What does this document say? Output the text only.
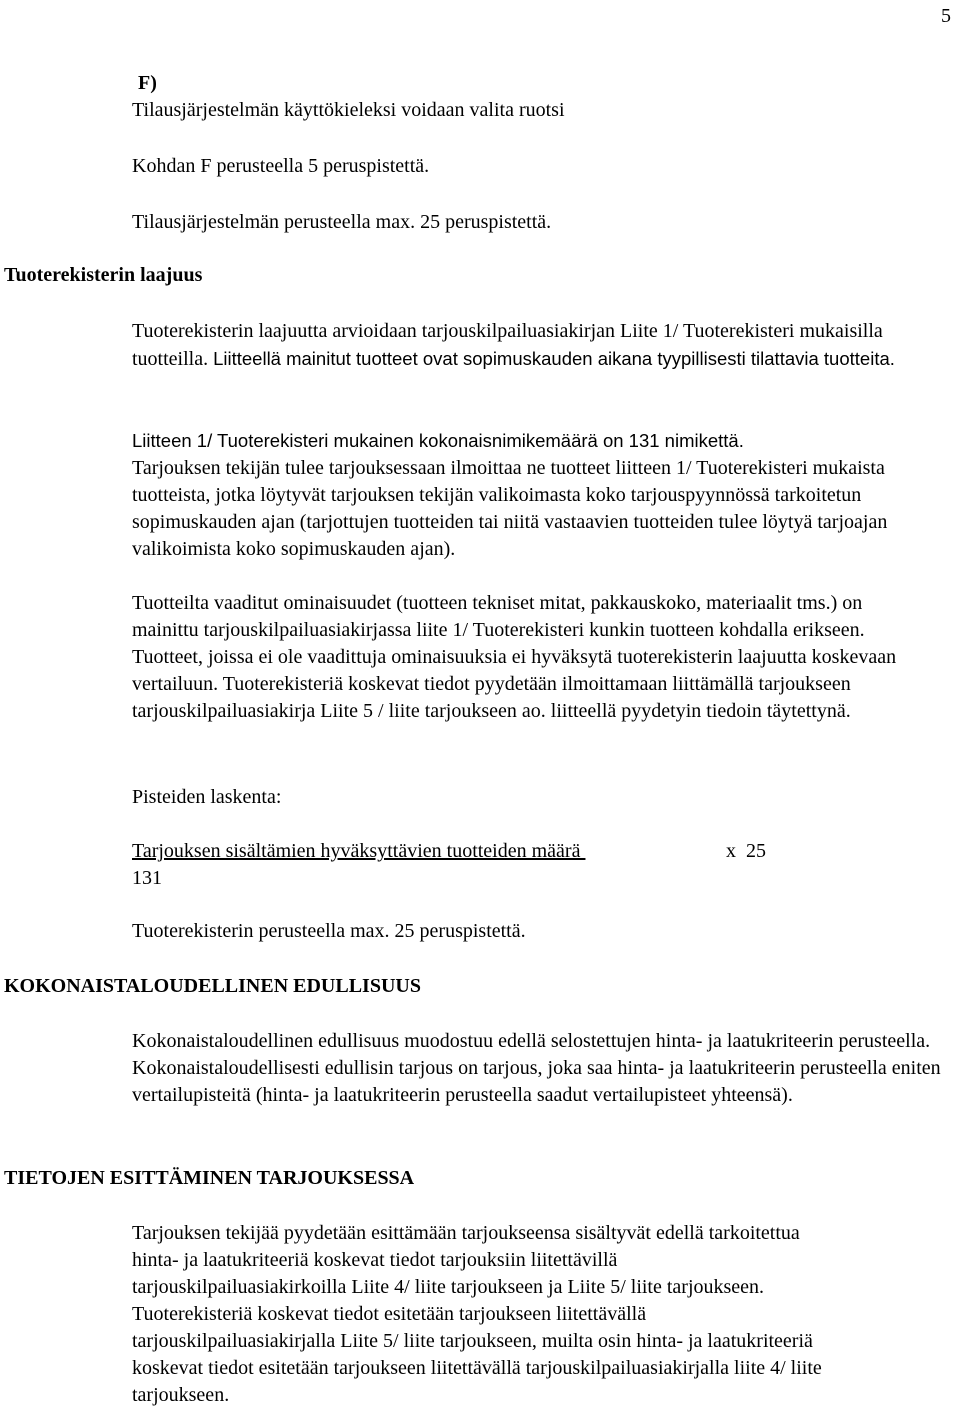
5
F)

Tilausjärjestelmän käyttökieleksi voidaan valita ruotsi

Kohdan F perusteella 5 peruspistettä.

Tilausjärjestelmän perusteella max. 25 peruspistettä.

Tuoterekisterin laajuus

Tuoterekisterin laajuutta arvioidaan tarjouskilpailuasiakirjan Liite 1/ Tuoterekisteri mukaisilla tuotteilla. Liitteellä mainitut tuotteet ovat sopimuskauden aikana tyypillisesti tilattavia tuotteita.

Liitteen 1/ Tuoterekisteri mukainen kokonaisnimikemäärä on 131 nimikettä.
Tarjouksen tekijän tulee tarjouksessaan ilmoittaa ne tuotteet liitteen 1/ Tuoterekisteri mukaista tuotteista, jotka löytyvät tarjouksen tekijän valikoimasta koko tarjouspyynnössä tarkoitetun sopimuskauden ajan (tarjottujen tuotteiden tai niitä vastaavien tuotteiden tulee löytyä tarjoajan valikoimista koko sopimuskauden ajan).

Tuotteilta vaaditut ominaisuudet (tuotteen tekniset mitat, pakkauskoko, materiaalit tms.) on mainittu tarjouskilpailuasiakirjassa liite 1/ Tuoterekisteri kunkin tuotteen kohdalla erikseen. Tuotteet, joissa ei ole vaadittuja ominaisuuksia ei hyväksytä tuoterekisterin laajuutta koskevaan vertailuun. Tuoterekisteriä koskevat tiedot pyydetään ilmoittamaan liittämällä tarjoukseen tarjouskilpailuasiakirja Liite 5 / liite tarjoukseen ao. liitteellä pyydetyin tiedoin täytettynä.

Pisteiden laskenta:

Tarjouksen sisältämien hyväksyttävien tuotteiden määrä	x  25
131

Tuoterekisterin perusteella max. 25 peruspistettä.

KOKONAISTALOUDELLINEN EDULLISUUS

Kokonaistaloudellinen edullisuus muodostuu edellä selostettujen hinta- ja laatukriteerin perusteella. Kokonaistaloudellisesti edullisin tarjous on tarjous, joka saa hinta- ja laatukriteerin perusteella eniten vertailupisteitä (hinta- ja laatukriteerin perusteella saadut vertailupisteet yhteensä).

TIETOJEN ESITTÄMINEN TARJOUKSESSA
Tarjouksen tekijää pyydetään esittämään tarjoukseensa sisältyvät edellä tarkoitettua
hinta- ja laatukriteeriä koskevat tiedot tarjouksiin liitettävillä
tarjouskilpailuasiakirkoilla Liite 4/ liite tarjoukseen ja Liite 5/ liite tarjoukseen.
Tuoterekisteriä koskevat tiedot esitetään tarjoukseen liitettävällä
tarjouskilpailuasiakirjalla Liite 5/ liite tarjoukseen, muilta osin hinta- ja laatukriteeriä
koskevat tiedot esitetään tarjoukseen liitettävällä tarjouskilpailuasiakirjalla liite 4/ liite
tarjoukseen.
